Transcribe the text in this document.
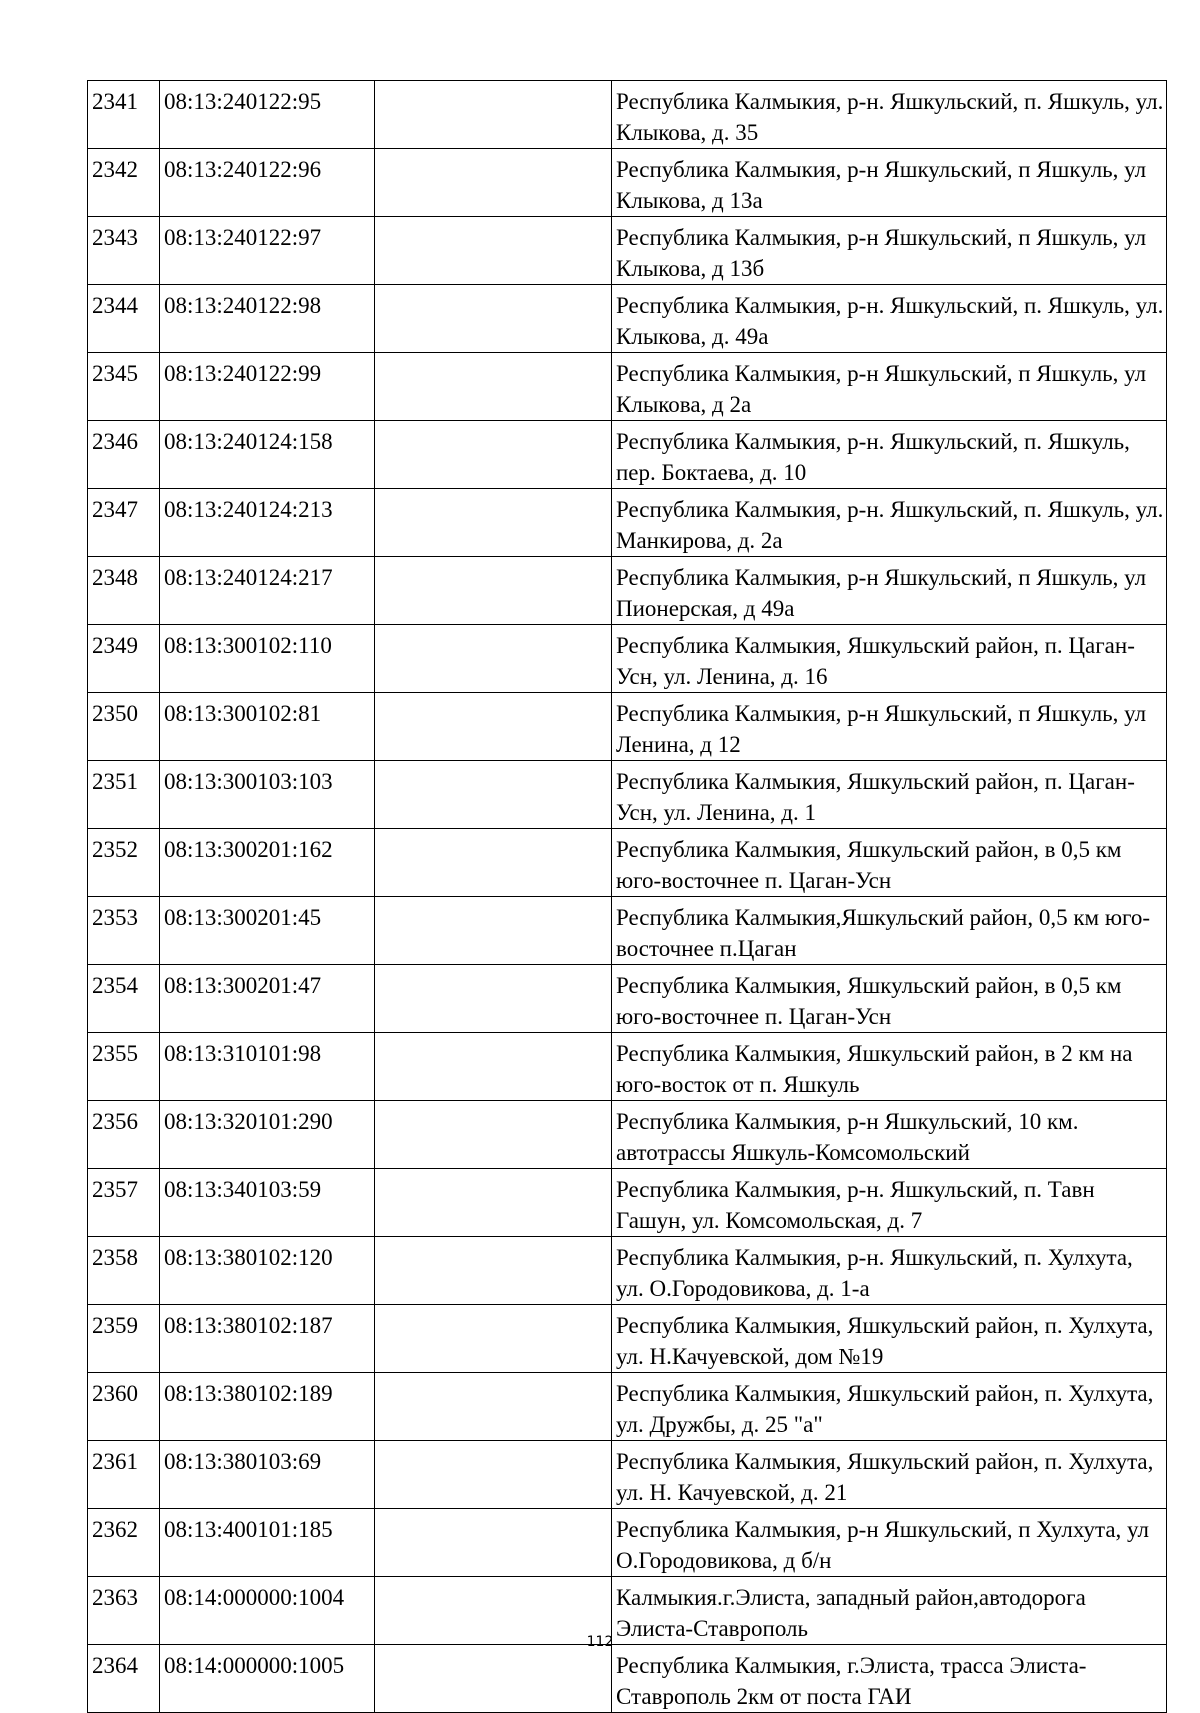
2341	08:13:240122:95		Республика Калмыкия, р-н. Яшкульский, п. Яшкуль, ул. Клыкова, д. 35
2342	08:13:240122:96		Республика Калмыкия, р-н Яшкульский, п Яшкуль, ул Клыкова, д 13а
2343	08:13:240122:97		Республика Калмыкия, р-н Яшкульский, п Яшкуль, ул Клыкова, д 13б
2344	08:13:240122:98		Республика Калмыкия, р-н. Яшкульский, п. Яшкуль, ул. Клыкова, д. 49а
2345	08:13:240122:99		Республика Калмыкия, р-н Яшкульский, п Яшкуль, ул Клыкова, д 2а
2346	08:13:240124:158		Республика Калмыкия, р-н. Яшкульский, п. Яшкуль, пер. Боктаева, д. 10
2347	08:13:240124:213		Республика Калмыкия, р-н. Яшкульский, п. Яшкуль, ул. Манкирова, д. 2а
2348	08:13:240124:217		Республика Калмыкия, р-н Яшкульский, п Яшкуль, ул Пионерская, д 49а
2349	08:13:300102:110		Республика Калмыкия, Яшкульский район, п. Цаган-Усн, ул. Ленина, д. 16
2350	08:13:300102:81		Республика Калмыкия, р-н Яшкульский, п Яшкуль, ул Ленина, д 12
2351	08:13:300103:103		Республика Калмыкия, Яшкульский район, п. Цаган-Усн, ул. Ленина, д. 1
2352	08:13:300201:162		Республика Калмыкия, Яшкульский район, в 0,5 км юго-восточнее п. Цаган-Усн
2353	08:13:300201:45		Республика Калмыкия,Яшкульский район, 0,5 км юго-восточнее п.Цаган
2354	08:13:300201:47		Республика Калмыкия, Яшкульский район, в 0,5 км юго-восточнее п. Цаган-Усн
2355	08:13:310101:98		Республика Калмыкия, Яшкульский район, в 2 км на юго-восток от п. Яшкуль
2356	08:13:320101:290		Республика Калмыкия, р-н Яшкульский, 10 км. автотрассы Яшкуль-Комсомольский
2357	08:13:340103:59		Республика Калмыкия, р-н. Яшкульский, п. Тавн Гашун, ул. Комсомольская, д. 7
2358	08:13:380102:120		Республика Калмыкия, р-н. Яшкульский, п. Хулхута, ул. О.Городовикова, д. 1-а
2359	08:13:380102:187		Республика Калмыкия, Яшкульский район, п. Хулхута, ул. Н.Качуевской, дом №19
2360	08:13:380102:189		Республика Калмыкия, Яшкульский район, п. Хулхута, ул. Дружбы, д. 25 "а"
2361	08:13:380103:69		Республика Калмыкия, Яшкульский район, п. Хулхута, ул. Н. Качуевской, д. 21
2362	08:13:400101:185		Республика Калмыкия, р-н Яшкульский, п Хулхута, ул О.Городовикова, д б/н
2363	08:14:000000:1004		Калмыкия.г.Элиста, западный район,автодорога Элиста-Ставрополь
2364	08:14:000000:1005		Республика Калмыкия, г.Элиста, трасса Элиста-Ставрополь 2км от поста ГАИ
112
